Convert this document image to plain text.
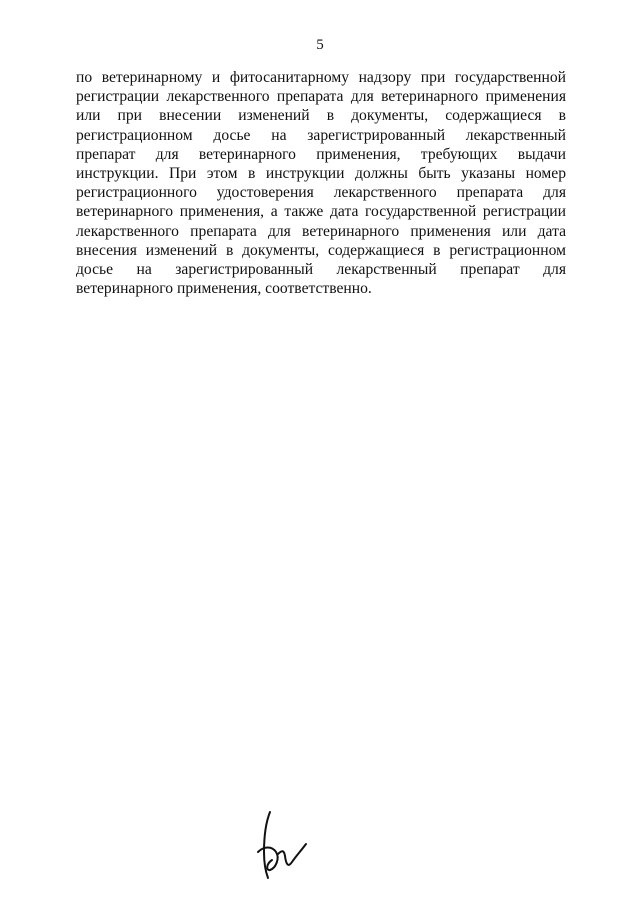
5
по ветеринарному и фитосанитарному надзору при государственной
регистрации лекарственного препарата для ветеринарного применения
или при внесении изменений в документы, содержащиеся в
регистрационном досье на зарегистрированный лекарственный
препарат для ветеринарного применения, требующих выдачи
инструкции. При этом в инструкции должны быть указаны номер
регистрационного удостоверения лекарственного препарата для
ветеринарного применения, а также дата государственной регистрации
лекарственного препарата для ветеринарного применения или дата
внесения изменений в документы, содержащиеся в регистрационном
досье на зарегистрированный лекарственный препарат для
ветеринарного применения, соответственно.
